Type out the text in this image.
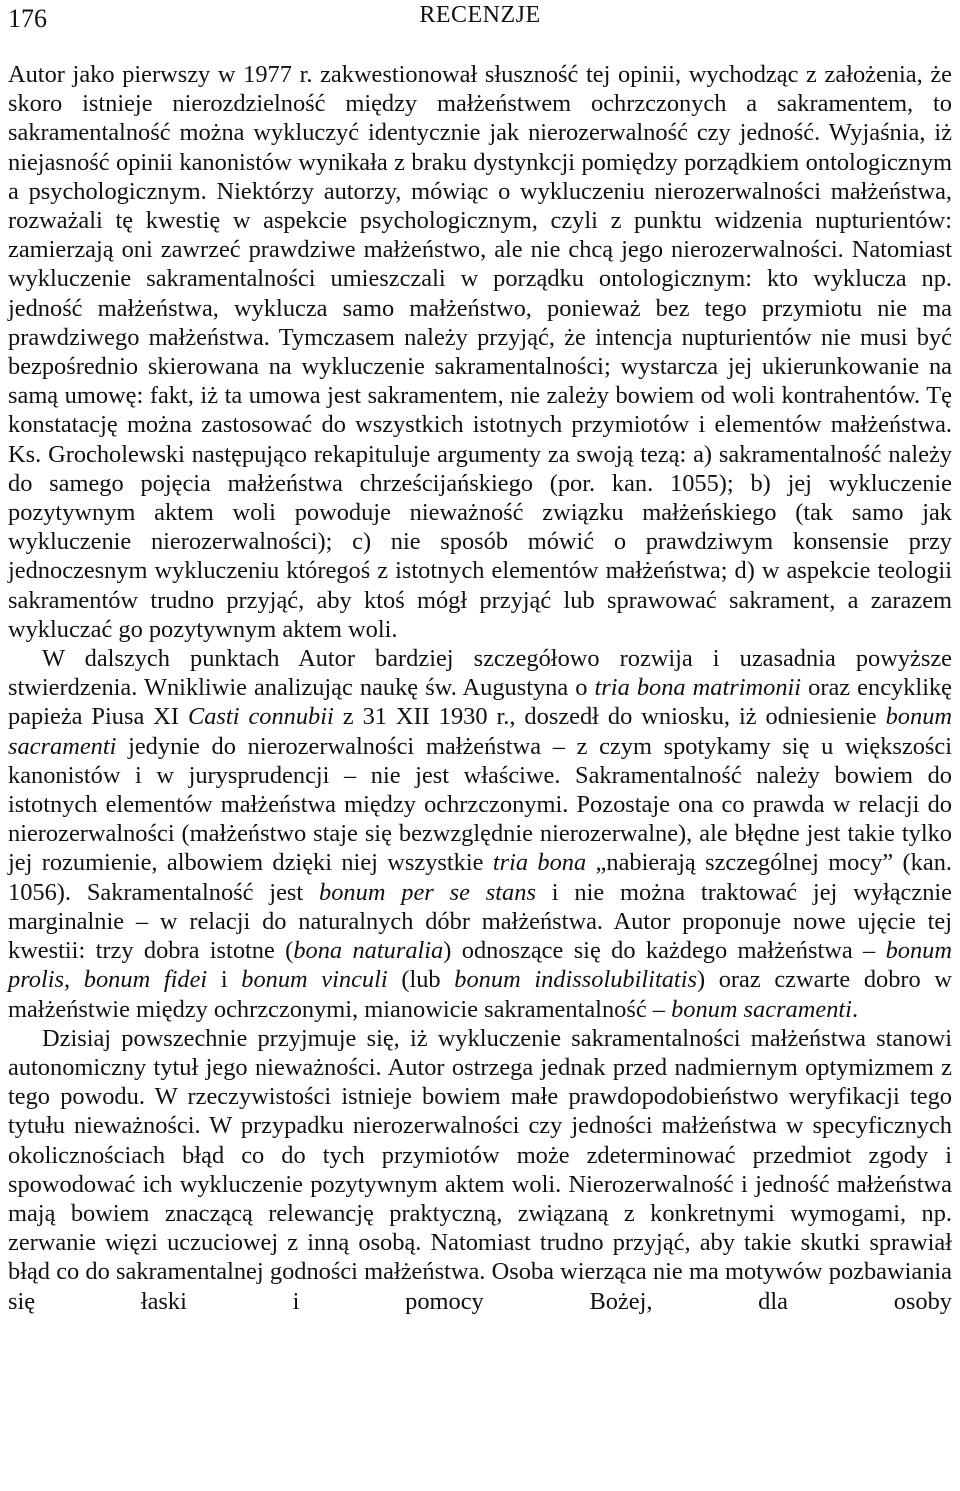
176	RECENZJE

Autor jako pierwszy w 1977 r. zakwestionował słuszność tej opinii, wychodząc z założenia, że skoro istnieje nierozdzielność między małżeństwem ochrzczonych a sakramentem, to sakramentalność można wykluczyć identycznie jak nierozerwalność czy jedność. Wyjaśnia, iż niejasność opinii kanonistów wynikała z braku dystynkcji pomiędzy porządkiem ontologicznym a psychologicznym. Niektórzy autorzy, mówiąc o wykluczeniu nierozerwalności małżeństwa, rozważali tę kwestię w aspekcie psychologicznym, czyli z punktu widzenia nupturientów: zamierzają oni zawrzeć prawdziwe małżeństwo, ale nie chcą jego nierozerwalności. Natomiast wykluczenie sakramentalności umieszczali w porządku ontologicznym: kto wyklucza np. jedność małżeństwa, wyklucza samo małżeństwo, ponieważ bez tego przymiotu nie ma prawdziwego małżeństwa. Tymczasem należy przyjąć, że intencja nupturientów nie musi być bezpośrednio skierowana na wykluczenie sakramentalności; wystarcza jej ukierunkowanie na samą umowę: fakt, iż ta umowa jest sakramentem, nie zależy bowiem od woli kontrahentów. Tę konstatację można zastosować do wszystkich istotnych przymiotów i elementów małżeństwa. Ks. Grocholewski następująco rekapituluje argumenty za swoją tezą: a) sakramentalność należy do samego pojęcia małżeństwa chrześcijańskiego (por. kan. 1055); b) jej wykluczenie pozytywnym aktem woli powoduje nieważność związku małżeńskiego (tak samo jak wykluczenie nierozerwalności); c) nie sposób mówić o prawdziwym konsensie przy jednoczesnym wykluczeniu któregoś z istotnych elementów małżeństwa; d) w aspekcie teologii sakramentów trudno przyjąć, aby ktoś mógł przyjąć lub sprawować sakrament, a zarazem wykluczać go pozytywnym aktem woli.

W dalszych punktach Autor bardziej szczegółowo rozwija i uzasadnia powyższe stwierdzenia. Wnikliwie analizując naukę św. Augustyna o tria bona matrimonii oraz encyklikę papieża Piusa XI Casti connubii z 31 XII 1930 r., doszedł do wniosku, iż odniesienie bonum sacramenti jedynie do nierozerwalności małżeństwa – z czym spotykamy się u większości kanonistów i w jurysprudencji – nie jest właściwe. Sakramentalność należy bowiem do istotnych elementów małżeństwa między ochrzczonymi. Pozostaje ona co prawda w relacji do nierozerwalności (małżeństwo staje się bezwzględnie nierozerwalne), ale błędne jest takie tylko jej rozumienie, albowiem dzięki niej wszystkie tria bona „nabierają szczególnej mocy” (kan. 1056). Sakramentalność jest bonum per se stans i nie można traktować jej wyłącznie marginalnie – w relacji do naturalnych dóbr małżeństwa. Autor proponuje nowe ujęcie tej kwestii: trzy dobra istotne (bona naturalia) odnoszące się do każdego małżeństwa – bonum prolis, bonum fidei i bonum vinculi (lub bonum indissolubilitatis) oraz czwarte dobro w małżeństwie między ochrzczonymi, mianowicie sakramentalność – bonum sacramenti.

Dzisiaj powszechnie przyjmuje się, iż wykluczenie sakramentalności małżeństwa stanowi autonomiczny tytuł jego nieważności. Autor ostrzega jednak przed nadmiernym optymizmem z tego powodu. W rzeczywistości istnieje bowiem małe prawdopodobieństwo weryfikacji tego tytułu nieważności. W przypadku nierozerwalności czy jedności małżeństwa w specyficznych okolicznościach błąd co do tych przymiotów może zdeterminować przedmiot zgody i spowodować ich wykluczenie pozytywnym aktem woli. Nierozerwalność i jedność małżeństwa mają bowiem znaczącą relewancję praktyczną, związaną z konkretnymi wymogami, np. zerwanie więzi uczuciowej z inną osobą. Natomiast trudno przyjąć, aby takie skutki sprawiał błąd co do sakramentalnej godności małżeństwa. Osoba wierząca nie ma motywów pozbawiania się łaski i pomocy Bożej, dla osoby
